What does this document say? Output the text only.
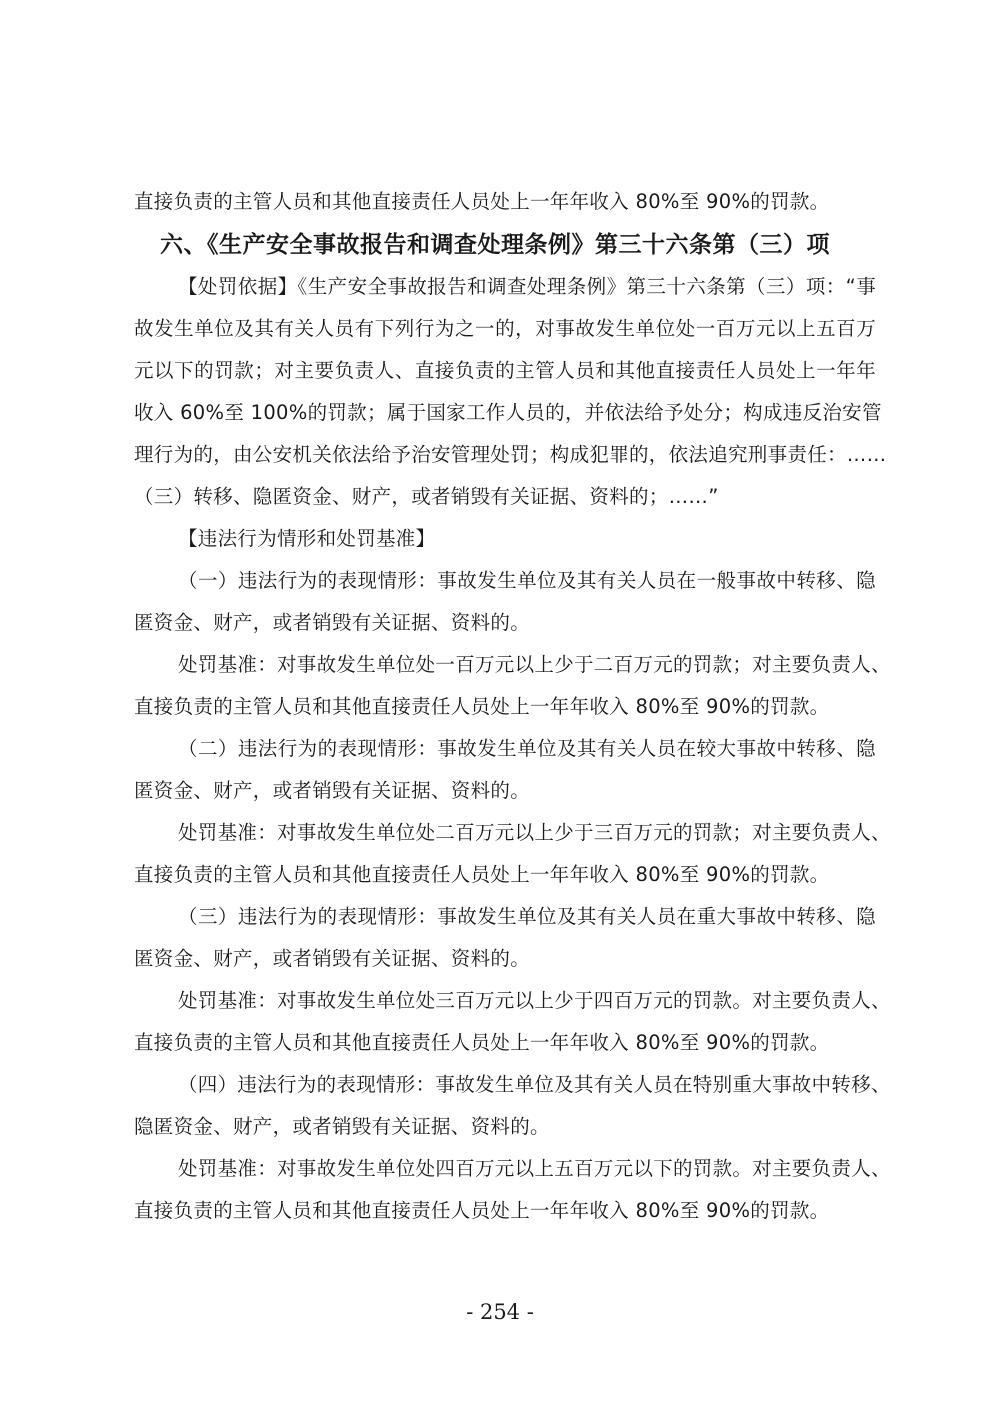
直接负责的主管人员和其他直接责任人员处上一年年收入 80%至 90%的罚款。
六、《生产安全事故报告和调查处理条例》第三十六条第（三）项
【处罚依据】《生产安全事故报告和调查处理条例》第三十六条第（三）项：“事
故发生单位及其有关人员有下列行为之一的，对事故发生单位处一百万元以上五百万
元以下的罚款；对主要负责人、直接负责的主管人员和其他直接责任人员处上一年年
收入 60%至 100%的罚款；属于国家工作人员的，并依法给予处分；构成违反治安管
理行为的，由公安机关依法给予治安管理处罚；构成犯罪的，依法追究刑事责任：……
（三）转移、隐匿资金、财产，或者销毁有关证据、资料的；……”
【违法行为情形和处罚基准】
（一）违法行为的表现情形：事故发生单位及其有关人员在一般事故中转移、隐
匿资金、财产，或者销毁有关证据、资料的。
处罚基准：对事故发生单位处一百万元以上少于二百万元的罚款；对主要负责人、
直接负责的主管人员和其他直接责任人员处上一年年收入 80%至 90%的罚款。
（二）违法行为的表现情形：事故发生单位及其有关人员在较大事故中转移、隐
匿资金、财产，或者销毁有关证据、资料的。
处罚基准：对事故发生单位处二百万元以上少于三百万元的罚款；对主要负责人、
直接负责的主管人员和其他直接责任人员处上一年年收入 80%至 90%的罚款。
（三）违法行为的表现情形：事故发生单位及其有关人员在重大事故中转移、隐
匿资金、财产，或者销毁有关证据、资料的。
处罚基准：对事故发生单位处三百万元以上少于四百万元的罚款。对主要负责人、
直接负责的主管人员和其他直接责任人员处上一年年收入 80%至 90%的罚款。
（四）违法行为的表现情形：事故发生单位及其有关人员在特别重大事故中转移、
隐匿资金、财产，或者销毁有关证据、资料的。
处罚基准：对事故发生单位处四百万元以上五百万元以下的罚款。对主要负责人、
直接负责的主管人员和其他直接责任人员处上一年年收入 80%至 90%的罚款。
- 254 -
